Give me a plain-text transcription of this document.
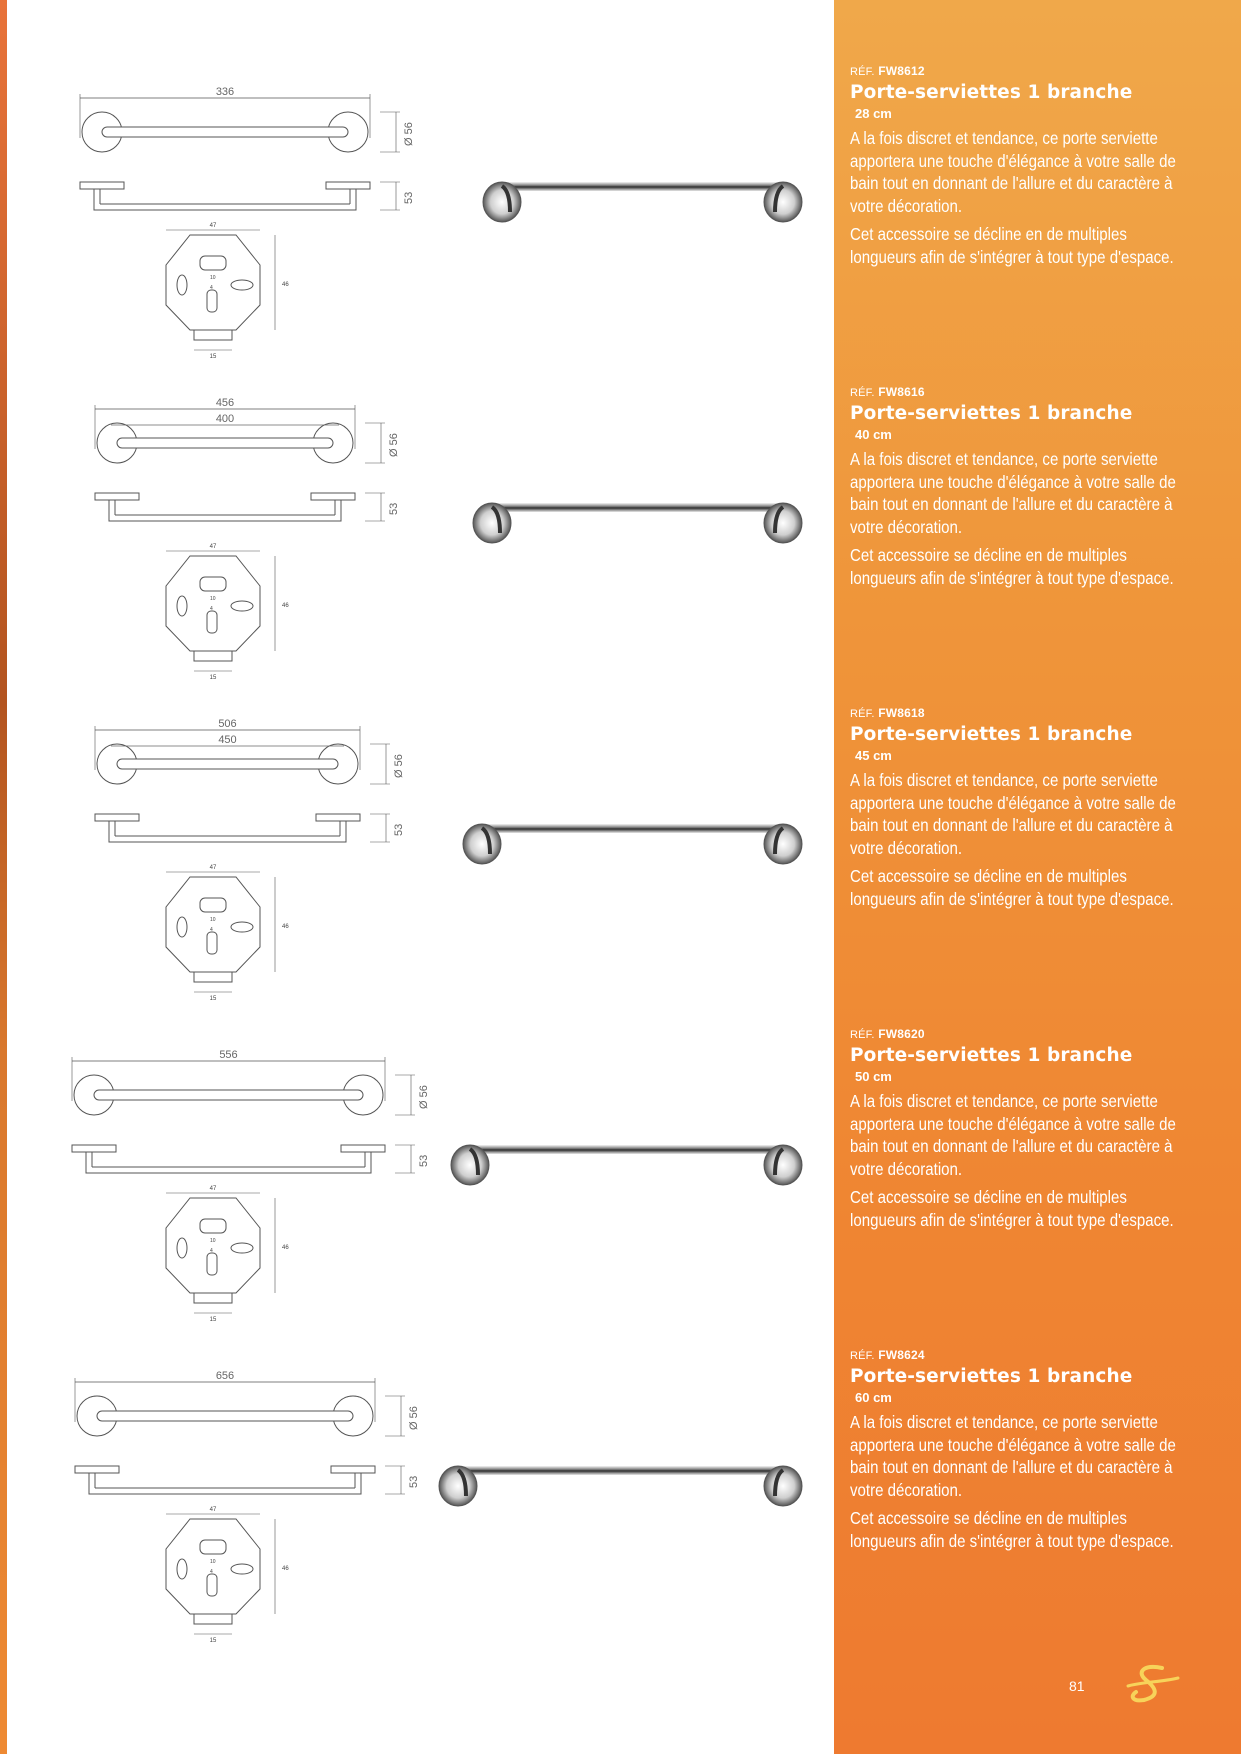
336
Ø 56
53
47
46
10
4
15
456
400
Ø 56
53
47
46
10
4
15
506
450
Ø 56
53
47
46
10
4
15
556
Ø 56
53
47
46
10
4
15
656
Ø 56
53
47
46
10
4
15
81
RÉF. FW8612
Porte-serviettes 1 branche
28 cm

A la fois discret et tendance, ce porte serviette apportera une touche d'élégance à votre salle de bain tout en donnant de l'allure et du caractère à votre décoration.

Cet accessoire se décline en de multiples longueurs afin de s'intégrer à tout type d'espace.

RÉF. FW8616
Porte-serviettes 1 branche
40 cm

A la fois discret et tendance, ce porte serviette apportera une touche d'élégance à votre salle de bain tout en donnant de l'allure et du caractère à votre décoration.

Cet accessoire se décline en de multiples longueurs afin de s'intégrer à tout type d'espace.

RÉF. FW8618
Porte-serviettes 1 branche
45 cm

A la fois discret et tendance, ce porte serviette apportera une touche d'élégance à votre salle de bain tout en donnant de l'allure et du caractère à votre décoration.

Cet accessoire se décline en de multiples longueurs afin de s'intégrer à tout type d'espace.

RÉF. FW8620
Porte-serviettes 1 branche
50 cm

A la fois discret et tendance, ce porte serviette apportera une touche d'élégance à votre salle de bain tout en donnant de l'allure et du caractère à votre décoration.

Cet accessoire se décline en de multiples longueurs afin de s'intégrer à tout type d'espace.

RÉF. FW8624
Porte-serviettes 1 branche
60 cm

A la fois discret et tendance, ce porte serviette apportera une touche d'élégance à votre salle de bain tout en donnant de l'allure et du caractère à votre décoration.

Cet accessoire se décline en de multiples longueurs afin de s'intégrer à tout type d'espace.
